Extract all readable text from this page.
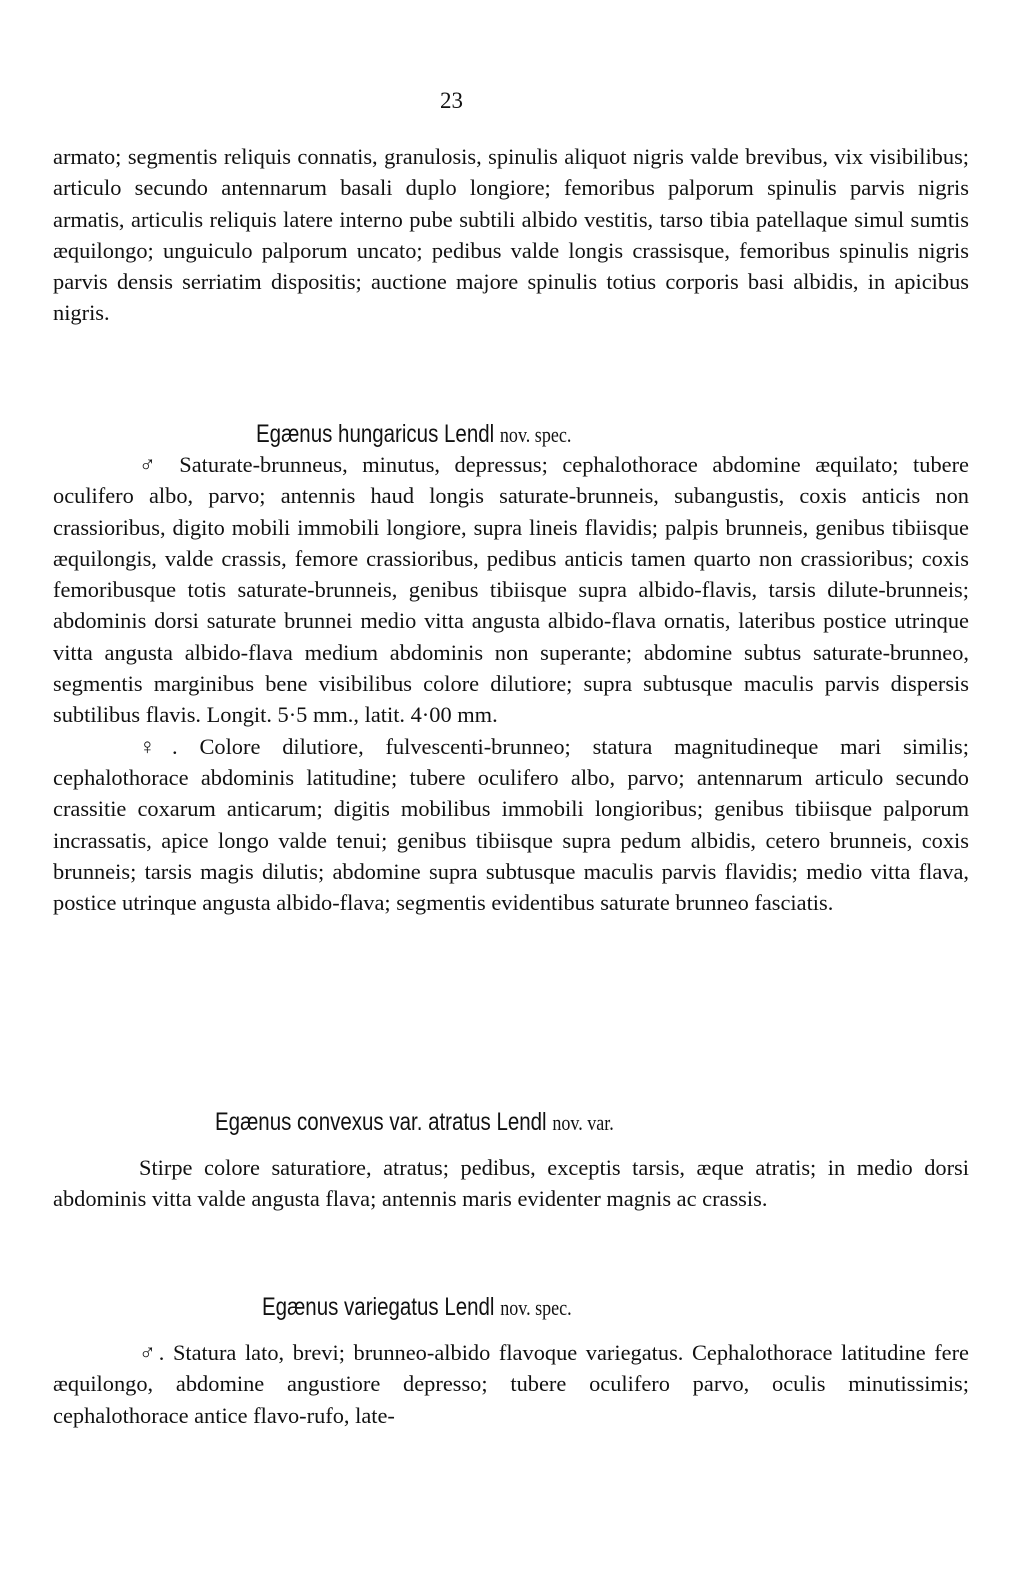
23

armato; segmentis reliquis connatis, granulosis, spinulis aliquot nigris valde brevibus, vix visibilibus; articulo secundo antennarum basali duplo longiore; femoribus palporum spinulis parvis nigris armatis, articulis reliquis latere interno pube subtili albido vestitis, tarso tibia patellaque simul sumtis æquilongo; unguiculo palporum uncato; pedibus valde longis crassisque, femoribus spinulis nigris parvis densis serriatim dispositis; auctione majore spinulis totius corporis basi albidis, in apicibus nigris.

Egænus hungaricus Lendl nov. spec.

♂ Saturate-brunneus, minutus, depressus; cephalothorace abdomine æquilato; tubere oculifero albo, parvo; antennis haud longis saturate-brunneis, subangustis, coxis anticis non crassioribus, digito mobili immobili longiore, supra lineis flavidis; palpis brunneis, genibus tibiisque æquilongis, valde crassis, femore crassioribus, pedibus anticis tamen quarto non crassioribus; coxis femoribusque totis saturate-brunneis, genibus tibiisque supra albido-flavis, tarsis dilute-brunneis; abdominis dorsi saturate brunnei medio vitta angusta albido-flava ornatis, lateribus postice utrinque vitta angusta albido-flava medium abdominis non superante; abdomine subtus saturate-brunneo, segmentis marginibus bene visibilibus colore dilutiore; supra subtusque maculis parvis dispersis subtilibus flavis. Longit. 5·5 mm., latit. 4·00 mm.

♀. Colore dilutiore, fulvescenti-brunneo; statura magnitudineque mari similis; cephalothorace abdominis latitudine; tubere oculifero albo, parvo; antennarum articulo secundo crassitie coxarum anticarum; digitis mobilibus immobili longioribus; genibus tibiisque palporum incrassatis, apice longo valde tenui; genibus tibiisque supra pedum albidis, cetero brunneis, coxis brunneis; tarsis magis dilutis; abdomine supra subtusque maculis parvis flavidis; medio vitta flava, postice utrinque angusta albido-flava; segmentis evidentibus saturate brunneo fasciatis.

Egænus convexus var. atratus Lendl nov. var.

Stirpe colore saturatiore, atratus; pedibus, exceptis tarsis, æque atratis; in medio dorsi abdominis vitta valde angusta flava; antennis maris evidenter magnis ac crassis.

Egænus variegatus Lendl nov. spec.

♂. Statura lato, brevi; brunneo-albido flavoque variegatus. Cephalothorace latitudine fere æquilongo, abdomine angustiore depresso; tubere oculifero parvo, oculis minutissimis; cephalothorace antice flavo-rufo, late-
